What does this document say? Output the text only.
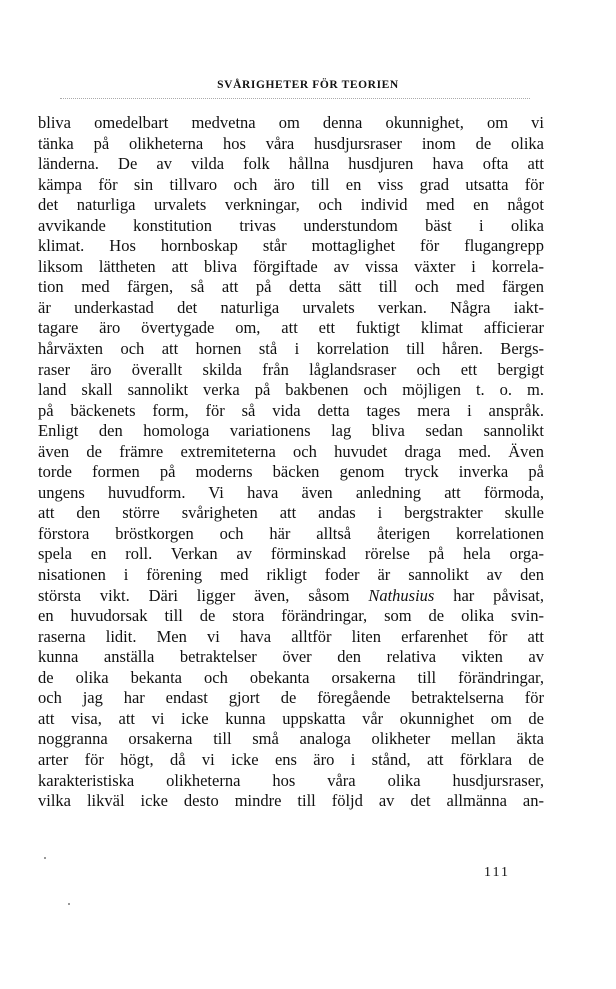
SVÅRIGHETER FÖR TEORIEN
bliva omedelbart medvetna om denna okunnighet, om vi
tänka på olikheterna hos våra husdjursraser inom de olika
länderna. De av vilda folk hållna husdjuren hava ofta att
kämpa för sin tillvaro och äro till en viss grad utsatta för
det naturliga urvalets verkningar, och individ med en något
avvikande konstitution trivas understundom bäst i olika
klimat. Hos hornboskap står mottaglighet för flugangrepp
liksom lättheten att bliva förgiftade av vissa växter i korrela-
tion med färgen, så att på detta sätt till och med färgen
är underkastad det naturliga urvalets verkan. Några iakt-
tagare äro övertygade om, att ett fuktigt klimat afficierar
hårväxten och att hornen stå i korrelation till håren. Bergs-
raser äro överallt skilda från låglandsraser och ett bergigt
land skall sannolikt verka på bakbenen och möjligen t. o. m.
på bäckenets form, för så vida detta tages mera i anspråk.
Enligt den homologa variationens lag bliva sedan sannolikt
även de främre extremiteterna och huvudet draga med. Även
torde formen på moderns bäcken genom tryck inverka på
ungens huvudform. Vi hava även anledning att förmoda,
att den större svårigheten att andas i bergstrakter skulle
förstora bröstkorgen och här alltså återigen korrelationen
spela en roll. Verkan av förminskad rörelse på hela orga-
nisationen i förening med rikligt foder är sannolikt av den
största vikt. Däri ligger även, såsom Nathusius har påvisat,
en huvudorsak till de stora förändringar, som de olika svin-
raserna lidit. Men vi hava alltför liten erfarenhet för att
kunna anställa betraktelser över den relativa vikten av
de olika bekanta och obekanta orsakerna till förändringar,
och jag har endast gjort de föregående betraktelserna för
att visa, att vi icke kunna uppskatta vår okunnighet om de
noggranna orsakerna till små analoga olikheter mellan äkta
arter för högt, då vi icke ens äro i stånd, att förklara de
karakteristiska olikheterna hos våra olika husdjursraser,
vilka likväl icke desto mindre till följd av det allmänna an-
111
